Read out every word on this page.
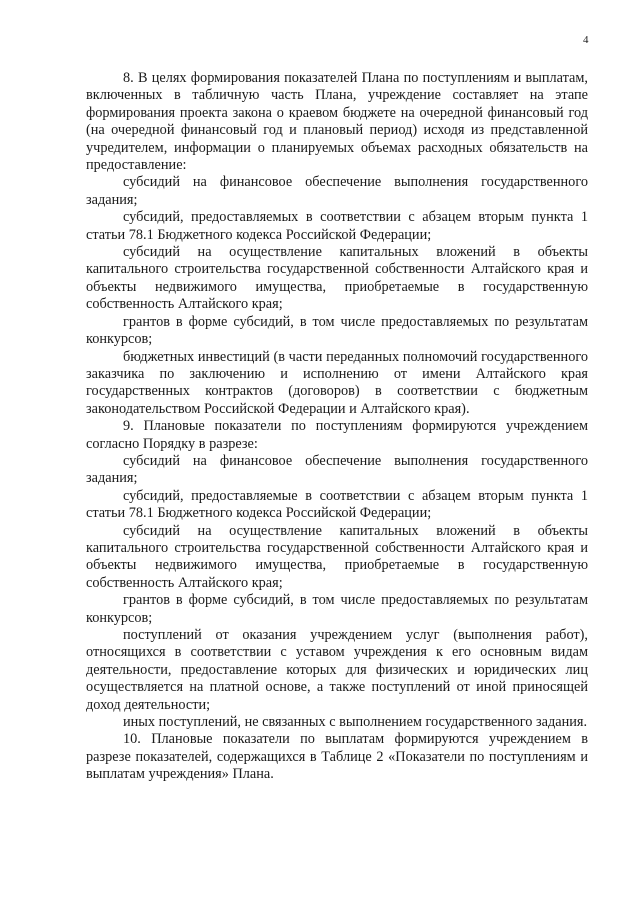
4

8. В целях формирования показателей Плана по поступлениям и выплатам, включенных в табличную часть Плана, учреждение составляет на этапе формирования проекта закона о краевом бюджете на очередной финансовый год (на очередной финансовый год и плановый период) исходя из представленной учредителем, информации о планируемых объемах расходных обязательств на предоставление:

субсидий на финансовое обеспечение выполнения государственного задания;

субсидий, предоставляемых в соответствии с абзацем вторым пункта 1 статьи 78.1 Бюджетного кодекса Российской Федерации;

субсидий на осуществление капитальных вложений в объекты капитального строительства государственной собственности Алтайского края и объекты недвижимого имущества, приобретаемые в государственную собственность Алтайского края;

грантов в форме субсидий, в том числе предоставляемых по результатам конкурсов;

бюджетных инвестиций (в части переданных полномочий государственного заказчика по заключению и исполнению от имени Алтайского края государственных контрактов (договоров) в соответствии с бюджетным законодательством Российской Федерации и Алтайского края).

9. Плановые показатели по поступлениям формируются учреждением согласно Порядку в разрезе:

субсидий на финансовое обеспечение выполнения государственного задания;

субсидий, предоставляемые в соответствии с абзацем вторым пункта 1 статьи 78.1 Бюджетного кодекса Российской Федерации;

субсидий на осуществление капитальных вложений в объекты капитального строительства государственной собственности Алтайского края и объекты недвижимого имущества, приобретаемые в государственную собственность Алтайского края;

грантов в форме субсидий, в том числе предоставляемых по результатам конкурсов;

поступлений от оказания учреждением услуг (выполнения работ), относящихся в соответствии с уставом учреждения к его основным видам деятельности, предоставление которых для физических и юридических лиц осуществляется на платной основе, а также поступлений от иной приносящей доход деятельности;

иных поступлений, не связанных с выполнением государственного задания.

10. Плановые показатели по выплатам формируются учреждением в разрезе показателей, содержащихся в Таблице 2 «Показатели по поступлениям и выплатам учреждения» Плана.
